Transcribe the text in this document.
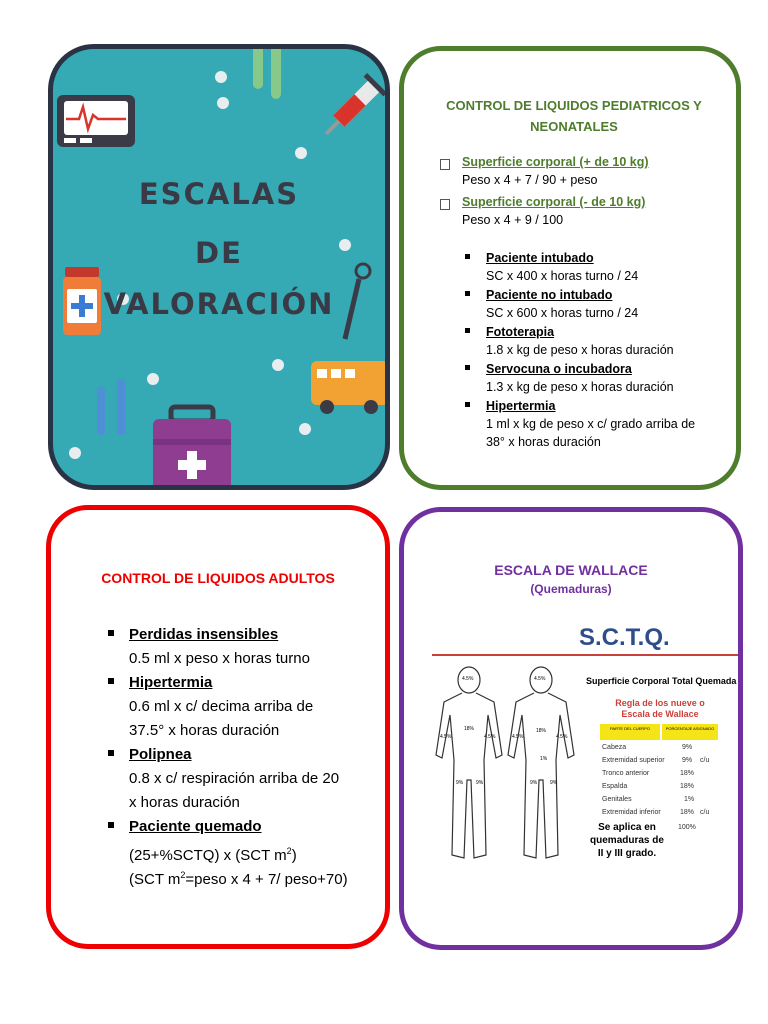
ESCALAS
DE
VALORACIÓN
CONTROL DE LIQUIDOS PEDIATRICOS Y
NEONATALES
Superficie corporal (+ de 10 kg)
Peso x 4 + 7 / 90 + peso
Superficie corporal (- de 10 kg)
Peso x 4 + 9 / 100
Paciente intubado
SC x 400 x horas turno / 24
Paciente no intubado
SC x 600 x horas turno / 24
Fototerapia
1.8 x kg de peso x horas duración
Servocuna o incubadora
1.3 x kg de peso x horas duración
Hipertermia
1 ml x kg de peso x c/ grado arriba de
38° x horas duración
CONTROL DE LIQUIDOS ADULTOS
Perdidas insensibles
0.5 ml x peso x horas turno
Hipertermia
0.6 ml x c/ decima arriba de
37.5° x horas duración
Polipnea
0.8 x c/ respiración arriba de 20
x horas duración
Paciente quemado
(25+%SCTQ) x (SCT $m^2$)
(SCT $m^2=peso$ x 4 + 7/ peso+70)
ESCALA DE WALLACE
(Quemaduras)
S.C.T.Q.
4.5%	4.5%
18%	18%
4.5%	4.5%	4.5%	4.5%
1%
9%	9%	9%	9%
Superficie Corporal Total Quemada
Regla de los nueve o
Escala de Wallace
PARTE DEL CUERPO	PORCENTAJE ASIGNADO
Cabeza	9%
Extremidad superior 9% c/u
Tronco anterior	18%
Espalda	18%
Genitales	1%
Extremidad inferior	18% c/u
Se aplica en
quemaduras de
II y III grado.
100%
